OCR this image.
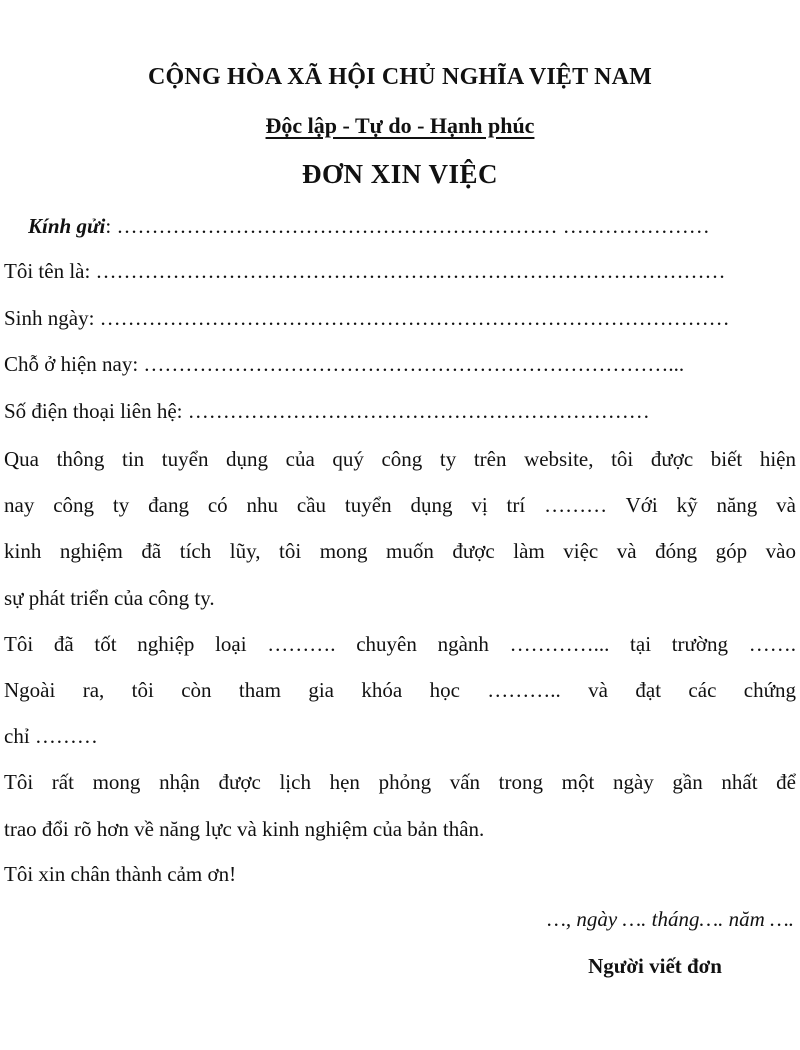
CỘNG HÒA XÃ HỘI CHỦ NGHĨA VIỆT NAM
Độc lập - Tự do - Hạnh phúc
ĐƠN XIN VIỆC
Kính gửi: ……………………………………………………… …………………
Tôi tên là: ………………………………………………………………………………
Sinh ngày: ………………………………………………………………………………
Chỗ ở hiện nay: …………………………………………………………………...
Số điện thoại liên hệ: …………………………………………………………
Qua thông tin tuyển dụng của quý công ty trên website, tôi được biết hiện
nay công ty đang có nhu cầu tuyển dụng vị trí ……… Với kỹ năng và
kinh nghiệm đã tích lũy, tôi mong muốn được làm việc và đóng góp vào
sự phát triển của công ty.
Tôi đã tốt nghiệp loại ………. chuyên ngành …………... tại trường …….
Ngoài ra, tôi còn tham gia khóa học ……….. và đạt các chứng
chỉ ………
Tôi rất mong nhận được lịch hẹn phỏng vấn trong một ngày gần nhất để
trao đổi rõ hơn về năng lực và kinh nghiệm của bản thân.
Tôi xin chân thành cảm ơn!
…, ngày …. tháng…. năm ….
Người viết đơn
